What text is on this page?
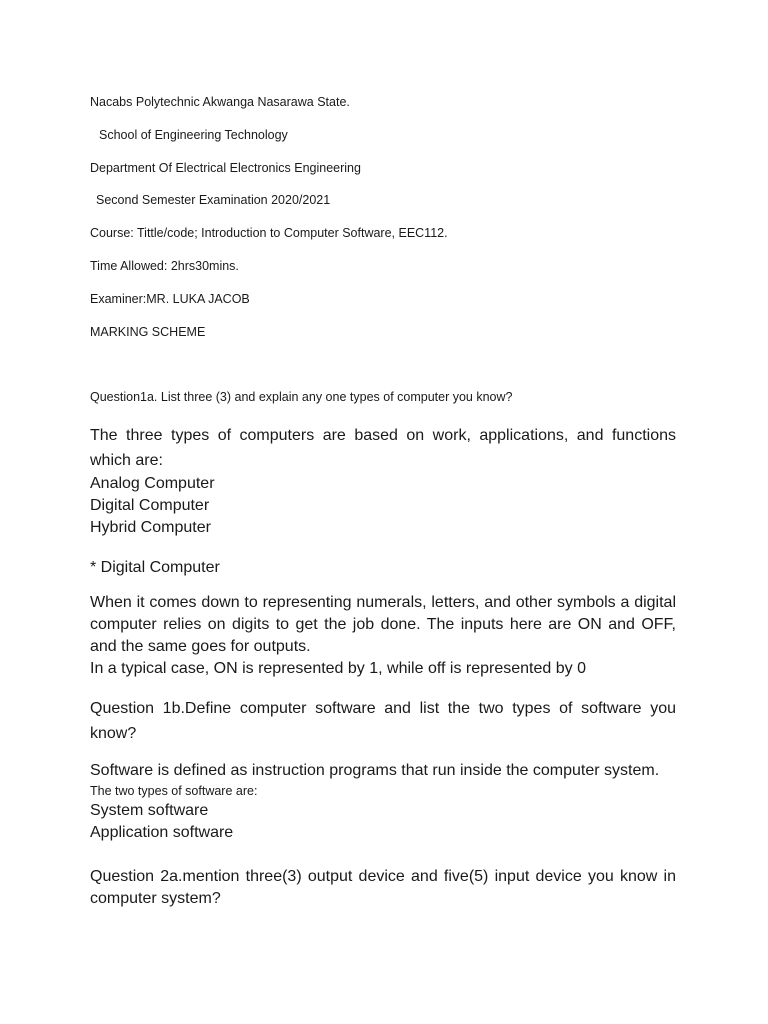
Nacabs Polytechnic Akwanga Nasarawa State.
School of Engineering Technology
Department Of Electrical Electronics Engineering
Second Semester Examination 2020/2021
Course: Tittle/code; Introduction to Computer Software, EEC112.
Time Allowed: 2hrs30mins.
Examiner:MR. LUKA JACOB
MARKING SCHEME
Question1a. List three (3) and explain any one types of computer you know?
The three types of computers are based on work, applications, and functions which are:
Analog Computer
Digital Computer
Hybrid Computer
* Digital Computer
When it comes down to representing numerals, letters, and other symbols a digital computer relies on digits to get the job done. The inputs here are ON and OFF, and the same goes for outputs.
In a typical case, ON is represented by 1, while off is represented by 0
Question 1b.Define computer software and list the two types of software you know?
Software is defined as instruction programs that run inside the computer system.
The two types of software are:
System software
Application software
Question 2a.mention three(3) output device and five(5) input device you know in computer system?
